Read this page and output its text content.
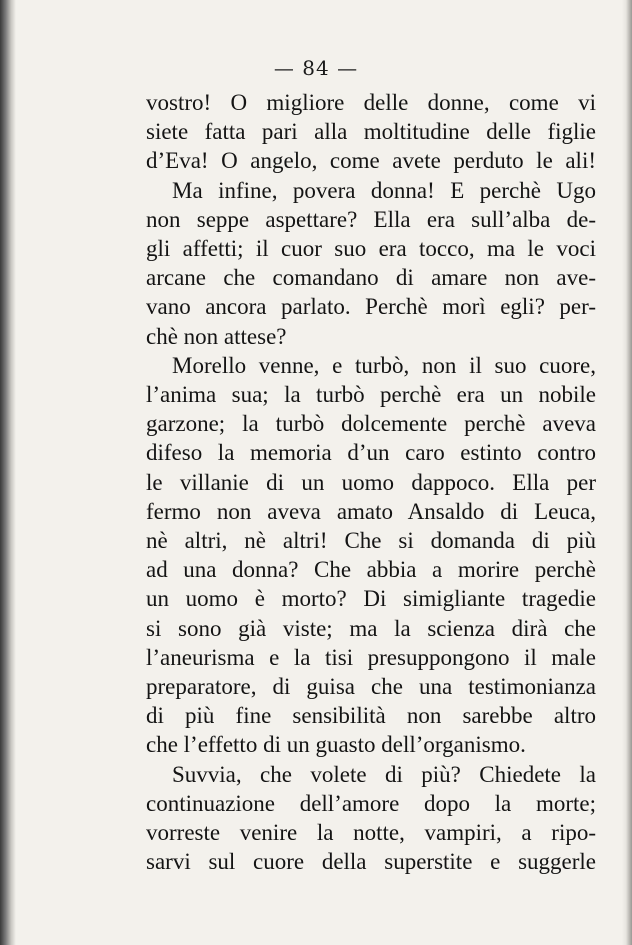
— 84 —
vostro! O migliore delle donne, come vi
siete fatta pari alla moltitudine delle figlie
d’Eva! O angelo, come avete perduto le ali!
Ma infine, povera donna! E perchè Ugo
non seppe aspettare? Ella era sull’alba de-
gli affetti; il cuor suo era tocco, ma le voci
arcane che comandano di amare non ave-
vano ancora parlato. Perchè morì egli? per-
chè non attese?
Morello venne, e turbò, non il suo cuore,
l’anima sua; la turbò perchè era un nobile
garzone; la turbò dolcemente perchè aveva
difeso la memoria d’un caro estinto contro
le villanie di un uomo dappoco. Ella per
fermo non aveva amato Ansaldo di Leuca,
nè altri, nè altri! Che si domanda di più
ad una donna? Che abbia a morire perchè
un uomo è morto? Di simigliante tragedie
si sono già viste; ma la scienza dirà che
l’aneurisma e la tisi presuppongono il male
preparatore, di guisa che una testimonianza
di più fine sensibilità non sarebbe altro
che l’effetto di un guasto dell’organismo.
Suvvia, che volete di più? Chiedete la
continuazione dell’amore dopo la morte;
vorreste venire la notte, vampiri, a ripo-
sarvi sul cuore della superstite e suggerle
